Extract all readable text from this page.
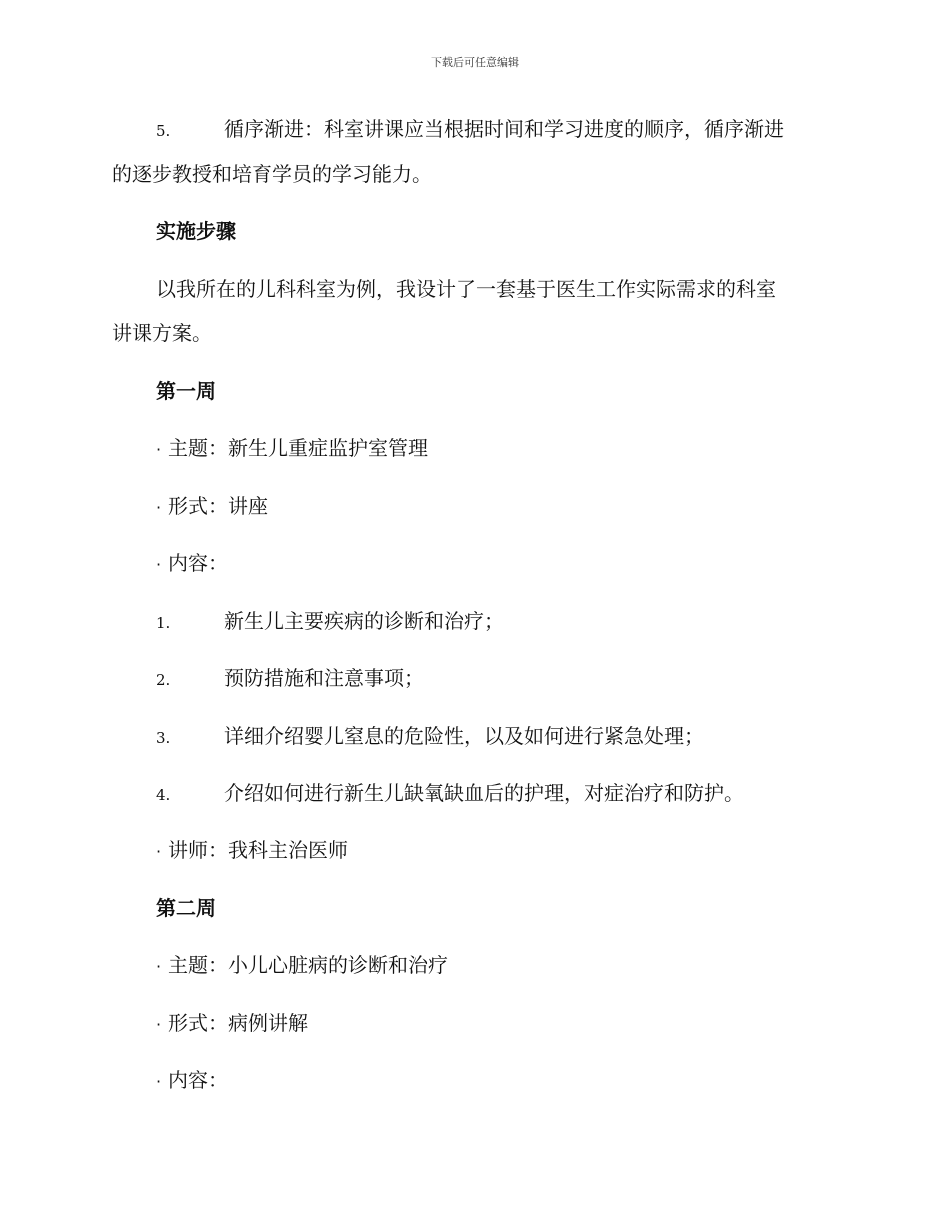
下载后可任意编辑
5.	循序渐进：科室讲课应当根据时间和学习进度的顺序，循序渐进
的逐步教授和培育学员的学习能力。
实施步骤
以我所在的儿科科室为例，我设计了一套基于医生工作实际需求的科室
讲课方案。
第一周
· 主题：新生儿重症监护室管理
· 形式：讲座
· 内容：
1.	新生儿主要疾病的诊断和治疗；
2.	预防措施和注意事项；
3.	详细介绍婴儿窒息的危险性，以及如何进行紧急处理；
4.	介绍如何进行新生儿缺氧缺血后的护理，对症治疗和防护。
· 讲师：我科主治医师
第二周
· 主题：小儿心脏病的诊断和治疗
· 形式：病例讲解
· 内容：
